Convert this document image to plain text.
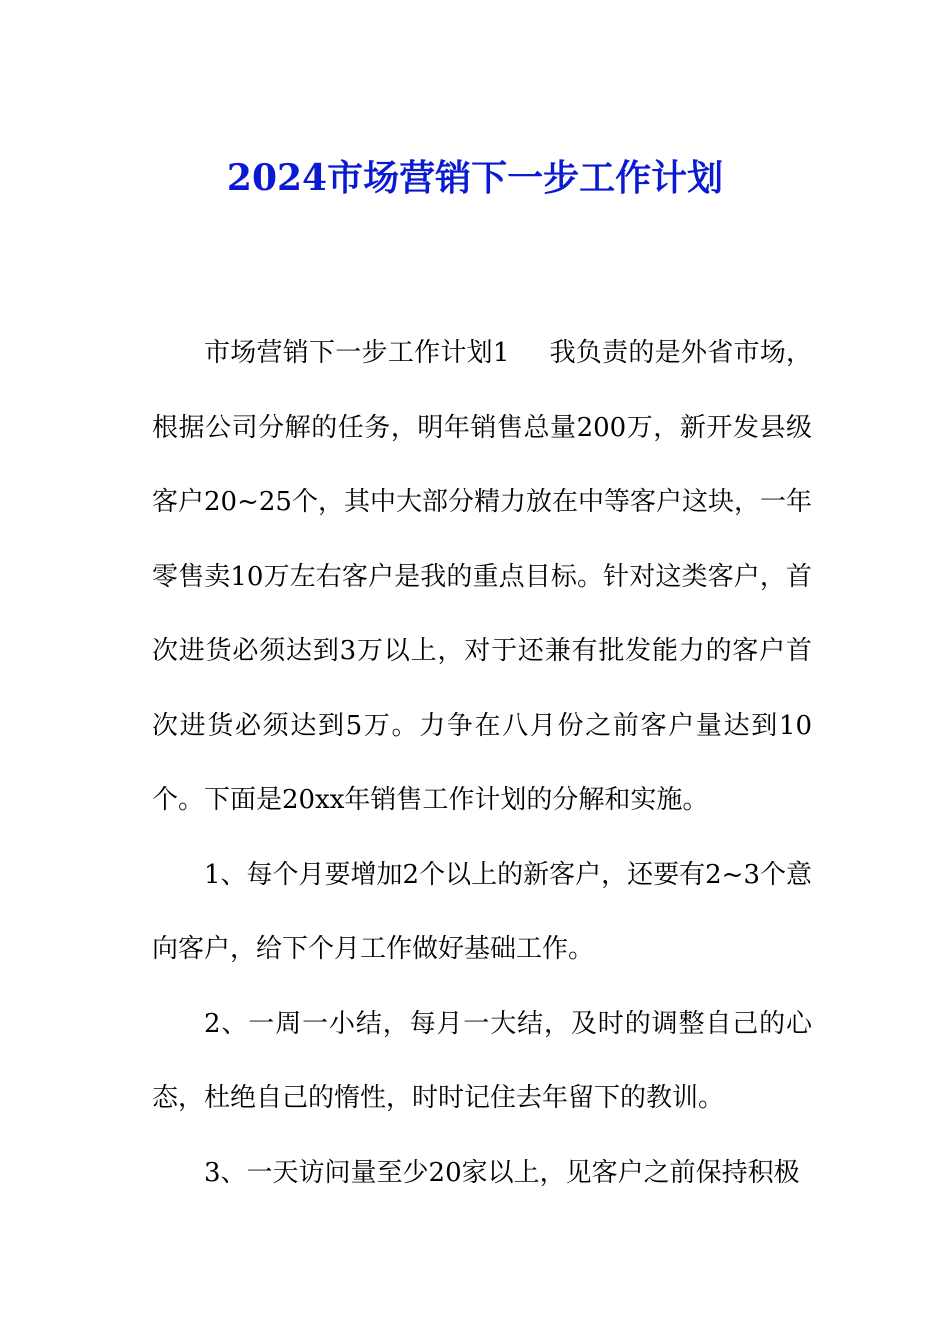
2024市场营销下一步工作计划

市场营销下一步工作计划1 我负责的是外省市场，根据公司分解的任务，明年销售总量200万，新开发县级客户20~25个，其中大部分精力放在中等客户这块，一年零售卖10万左右客户是我的重点目标。针对这类客户，首次进货必须达到3万以上，对于还兼有批发能力的客户首次进货必须达到5万。力争在八月份之前客户量达到10个。下面是20xx年销售工作计划的分解和实施。

1、每个月要增加2个以上的新客户，还要有2~3个意向客户，给下个月工作做好基础工作。

2、一周一小结，每月一大结，及时的调整自己的心态，杜绝自己的惰性，时时记住去年留下的教训。

3、一天访问量至少20家以上，见客户之前保持积极
